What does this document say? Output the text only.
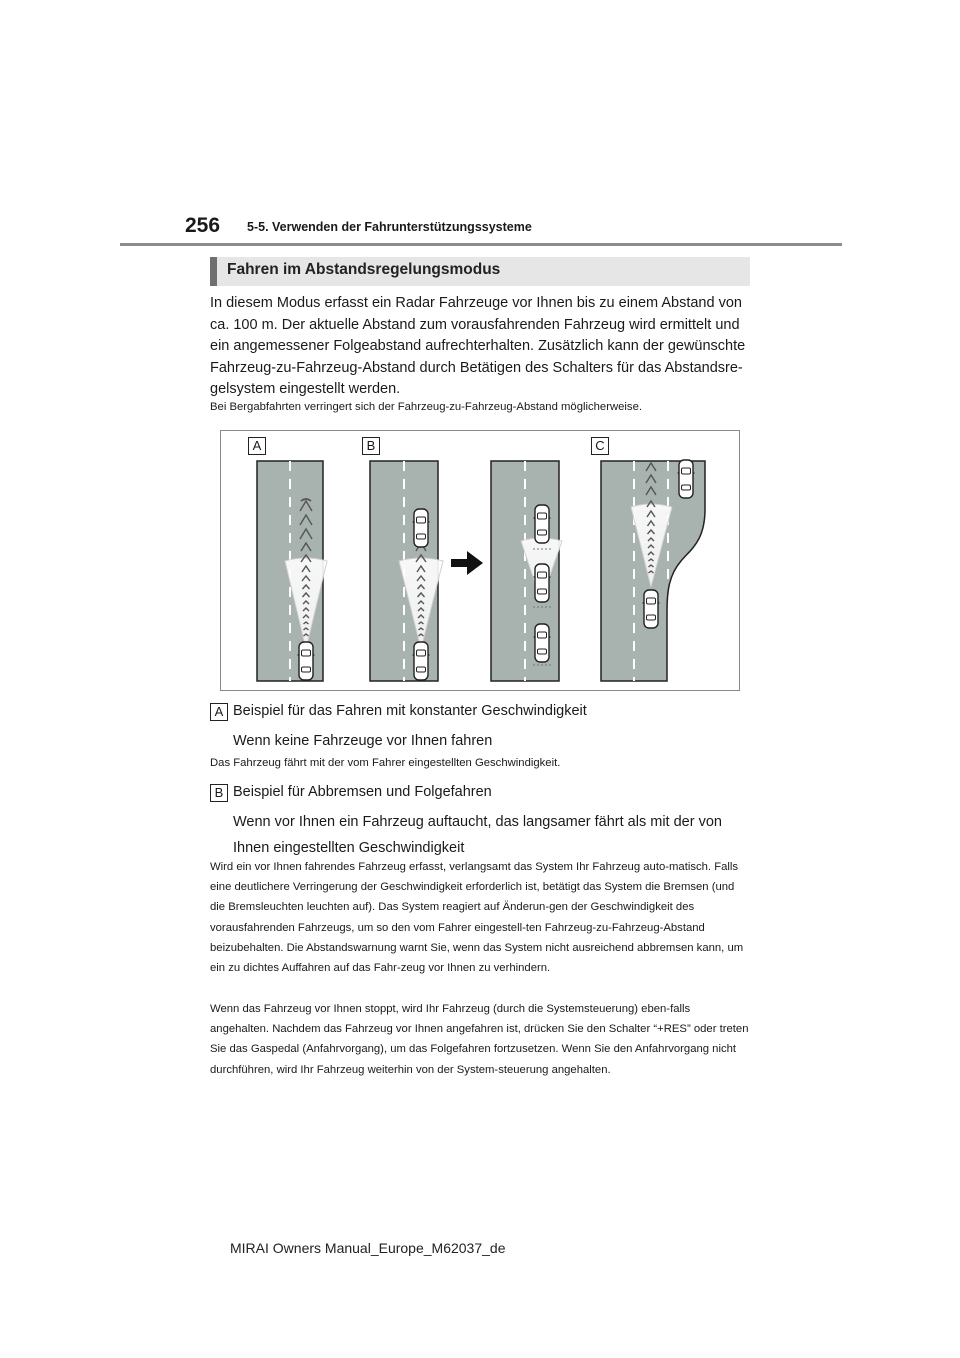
256 5-5. Verwenden der Fahrunterstützungssysteme
Fahren im Abstandsregelungsmodus
In diesem Modus erfasst ein Radar Fahrzeuge vor Ihnen bis zu einem Abstand von ca. 100 m. Der aktuelle Abstand zum vorausfahrenden Fahrzeug wird ermittelt und ein angemessener Folgeabstand aufrechterhalten. Zusätzlich kann der gewünschte Fahrzeug-zu-Fahrzeug-Abstand durch Betätigen des Schalters für das Abstandsre-gelsystem eingestellt werden.
Bei Bergabfahrten verringert sich der Fahrzeug-zu-Fahrzeug-Abstand möglicherweise.
A	B	C
A Beispiel für das Fahren mit konstanter Geschwindigkeit
Wenn keine Fahrzeuge vor Ihnen fahren
Das Fahrzeug fährt mit der vom Fahrer eingestellten Geschwindigkeit.
B Beispiel für Abbremsen und Folgefahren
Wenn vor Ihnen ein Fahrzeug auftaucht, das langsamer fährt als mit der von Ihnen eingestellten Geschwindigkeit
Wird ein vor Ihnen fahrendes Fahrzeug erfasst, verlangsamt das System Ihr Fahrzeug auto-matisch. Falls eine deutlichere Verringerung der Geschwindigkeit erforderlich ist, betätigt das System die Bremsen (und die Bremsleuchten leuchten auf). Das System reagiert auf Änderun-gen der Geschwindigkeit des vorausfahrenden Fahrzeugs, um so den vom Fahrer eingestell-ten Fahrzeug-zu-Fahrzeug-Abstand beizubehalten. Die Abstandswarnung warnt Sie, wenn das System nicht ausreichend abbremsen kann, um ein zu dichtes Auffahren auf das Fahr-zeug vor Ihnen zu verhindern.
Wenn das Fahrzeug vor Ihnen stoppt, wird Ihr Fahrzeug (durch die Systemsteuerung) eben-falls angehalten. Nachdem das Fahrzeug vor Ihnen angefahren ist, drücken Sie den Schalter “+RES” oder treten Sie das Gaspedal (Anfahrvorgang), um das Folgefahren fortzusetzen. Wenn Sie den Anfahrvorgang nicht durchführen, wird Ihr Fahrzeug weiterhin von der System-steuerung angehalten.
MIRAI Owners Manual_Europe_M62037_de
